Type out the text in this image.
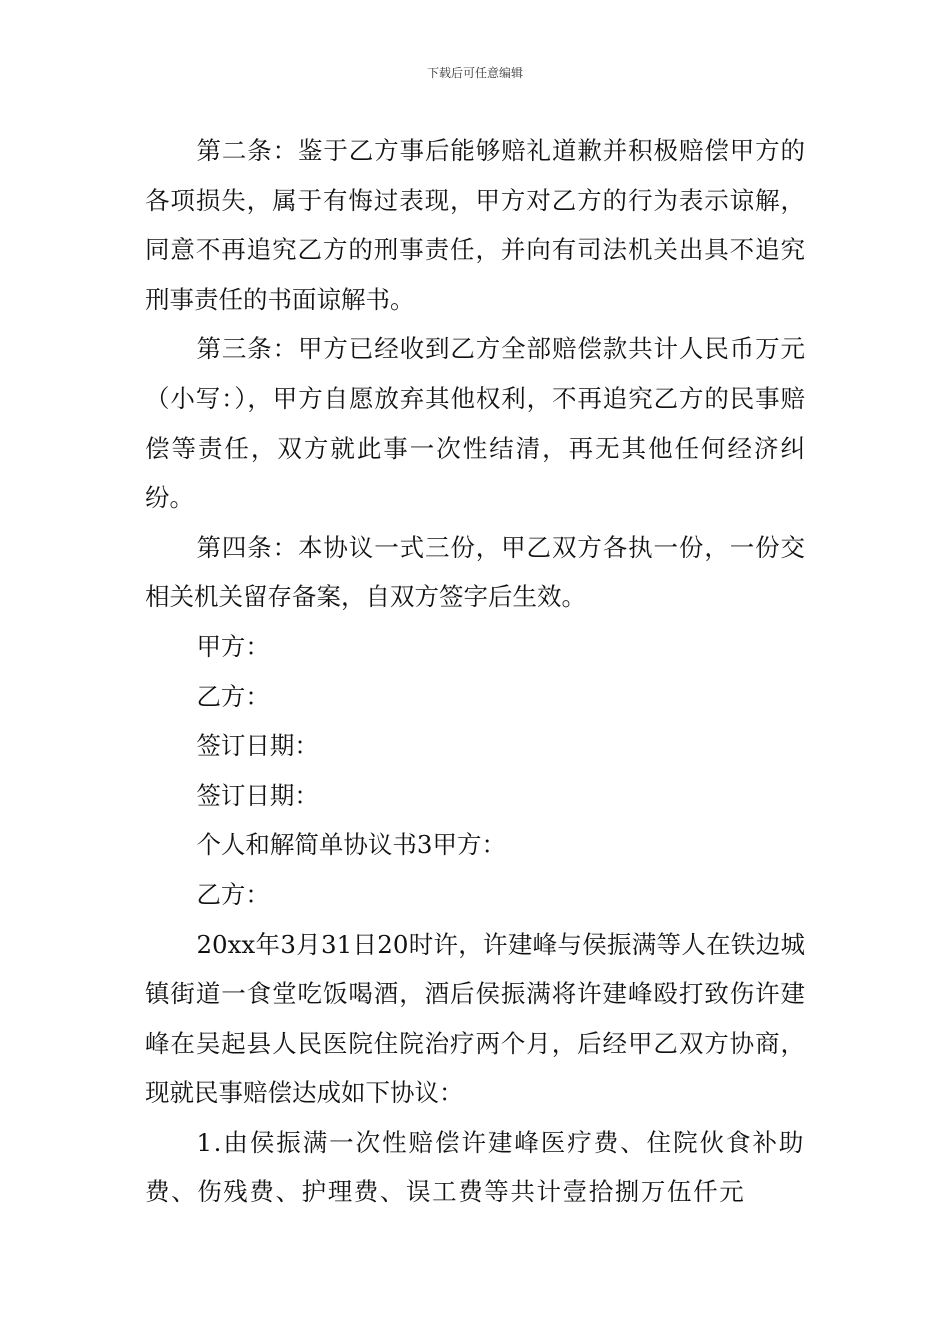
下载后可任意编辑

第二条：鉴于乙方事后能够赔礼道歉并积极赔偿甲方的各项损失，属于有悔过表现，甲方对乙方的行为表示谅解，同意不再追究乙方的刑事责任，并向有司法机关出具不追究刑事责任的书面谅解书。

第三条：甲方已经收到乙方全部赔偿款共计人民币万元（小写：），甲方自愿放弃其他权利，不再追究乙方的民事赔偿等责任，双方就此事一次性结清，再无其他任何经济纠纷。

第四条：本协议一式三份，甲乙双方各执一份，一份交相关机关留存备案，自双方签字后生效。

甲方：

乙方：

签订日期：

签订日期：

个人和解简单协议书3甲方：

乙方：

20xx年3月31日20时许，许建峰与侯振满等人在铁边城镇街道一食堂吃饭喝酒，酒后侯振满将许建峰殴打致伤许建峰在吴起县人民医院住院治疗两个月，后经甲乙双方协商，现就民事赔偿达成如下协议：

1.由侯振满一次性赔偿许建峰医疗费、住院伙食补助费、伤残费、护理费、误工费等共计壹拾捌万伍仟元
